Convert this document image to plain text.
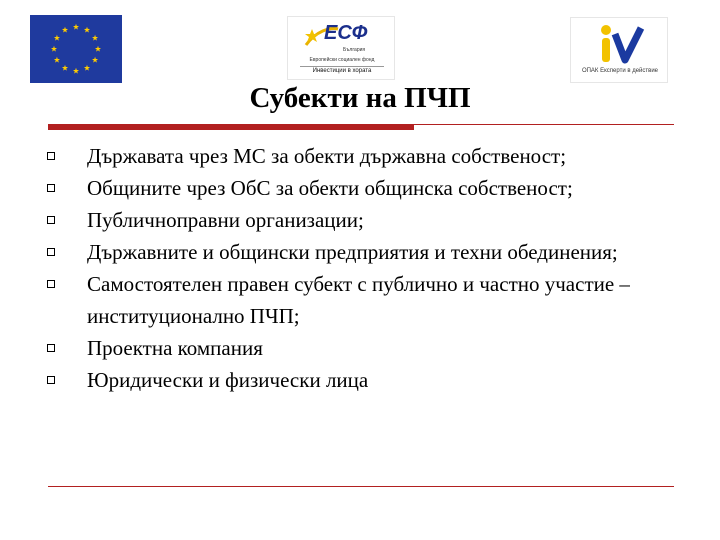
ЕСФ
България
Европейски социален фонд
Инвестиции в хората	ОПАК Експерти в действие
Субекти на ПЧП
Държавата чрез МС за обекти държавна собственост;
Общините чрез ОбС за обекти общинска собственост;
Публичноправни организации;
Държавните и общински предприятия и техни обединения;
Самостоятелен правен субект с публично и частно участие – институционално ПЧП;
Проектна компания
Юридически и физически лица
